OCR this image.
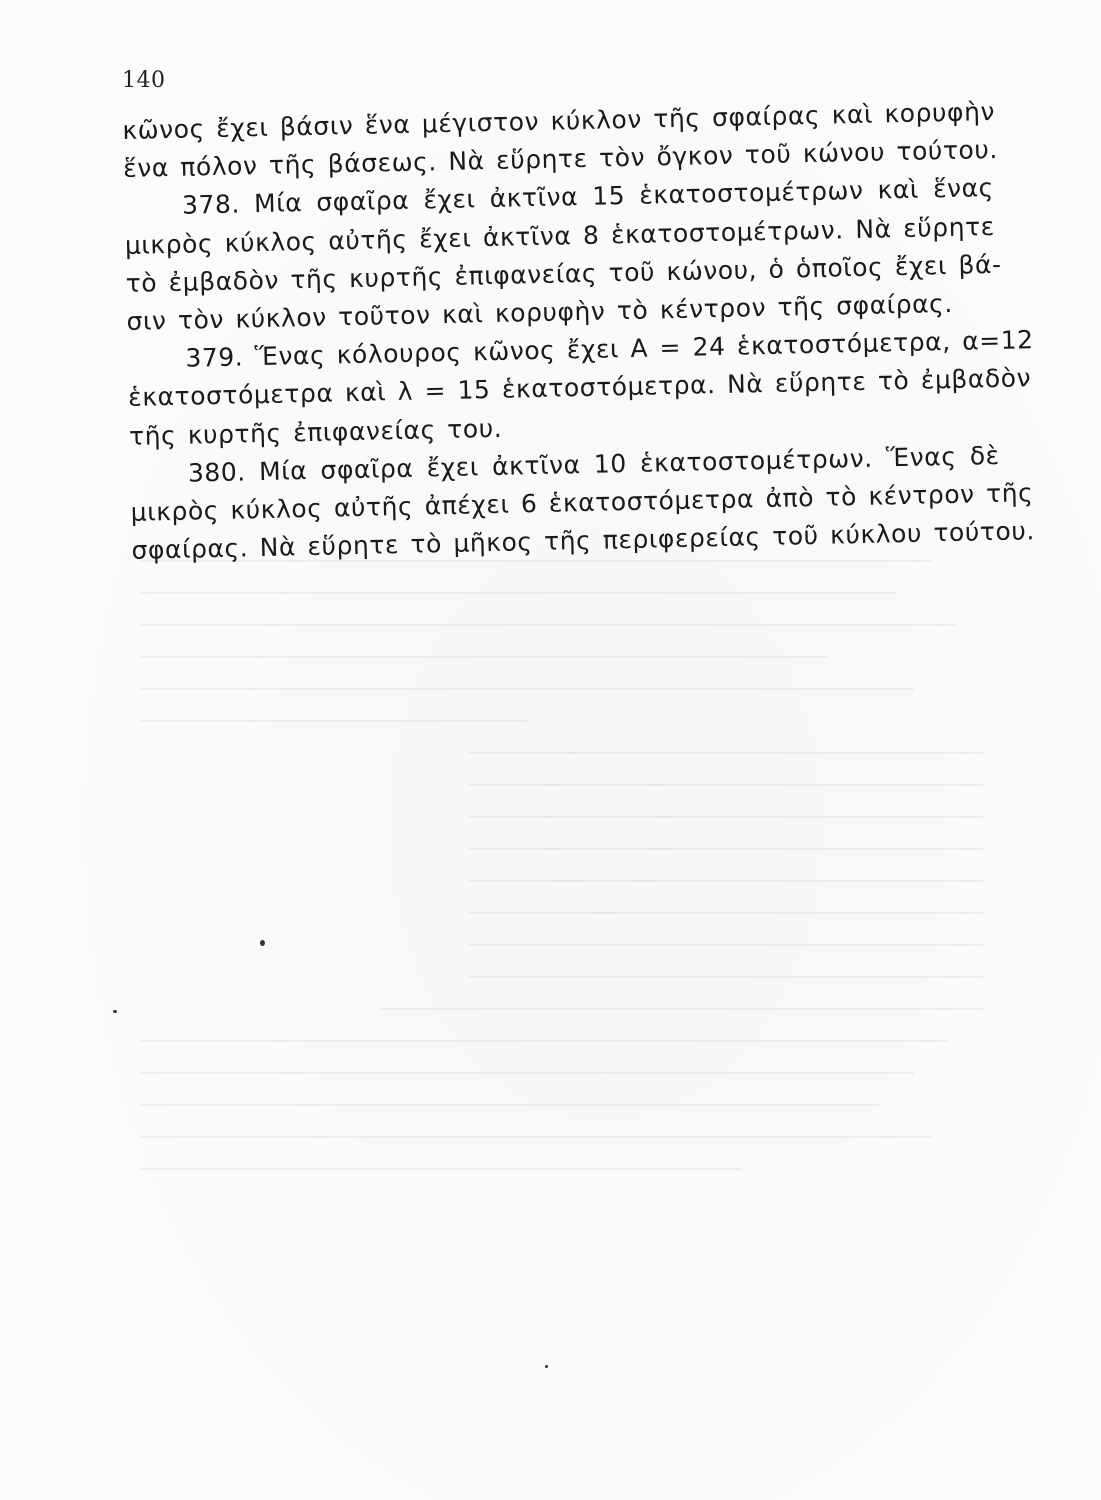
140
κῶνος ἔχει βάσιν ἕνα μέγιστον κύκλον τῆς σφαίρας καὶ κορυφὴν
ἕνα πόλον τῆς βάσεως. Νὰ εὕρητε τὸν ὄγκον τοῦ κώνου τούτου.
378. Μία σφαῖρα ἔχει ἀκτῖνα 15 ἑκατοστομέτρων καὶ ἕνας
μικρὸς κύκλος αὐτῆς ἔχει ἀκτῖνα 8 ἑκατοστομέτρων. Νὰ εὕρητε
τὸ ἐμβαδὸν τῆς κυρτῆς ἐπιφανείας τοῦ κώνου, ὁ ὁποῖος ἔχει βά-
σιν τὸν κύκλον τοῦτον καὶ κορυφὴν τὸ κέντρον τῆς σφαίρας.
379. Ἕνας κόλουρος κῶνος ἔχει Α = 24 ἑκατοστόμετρα, α=12
ἑκατοστόμετρα καὶ λ = 15 ἑκατοστόμετρα. Νὰ εὕρητε τὸ ἐμβαδὸν
τῆς κυρτῆς ἐπιφανείας του.
380. Μία σφαῖρα ἔχει ἀκτῖνα 10 ἑκατοστομέτρων. Ἕνας δὲ
μικρὸς κύκλος αὐτῆς ἀπέχει 6 ἑκατοστόμετρα ἀπὸ τὸ κέντρον τῆς
σφαίρας. Νὰ εὕρητε τὸ μῆκος τῆς περιφερείας τοῦ κύκλου τούτου.
